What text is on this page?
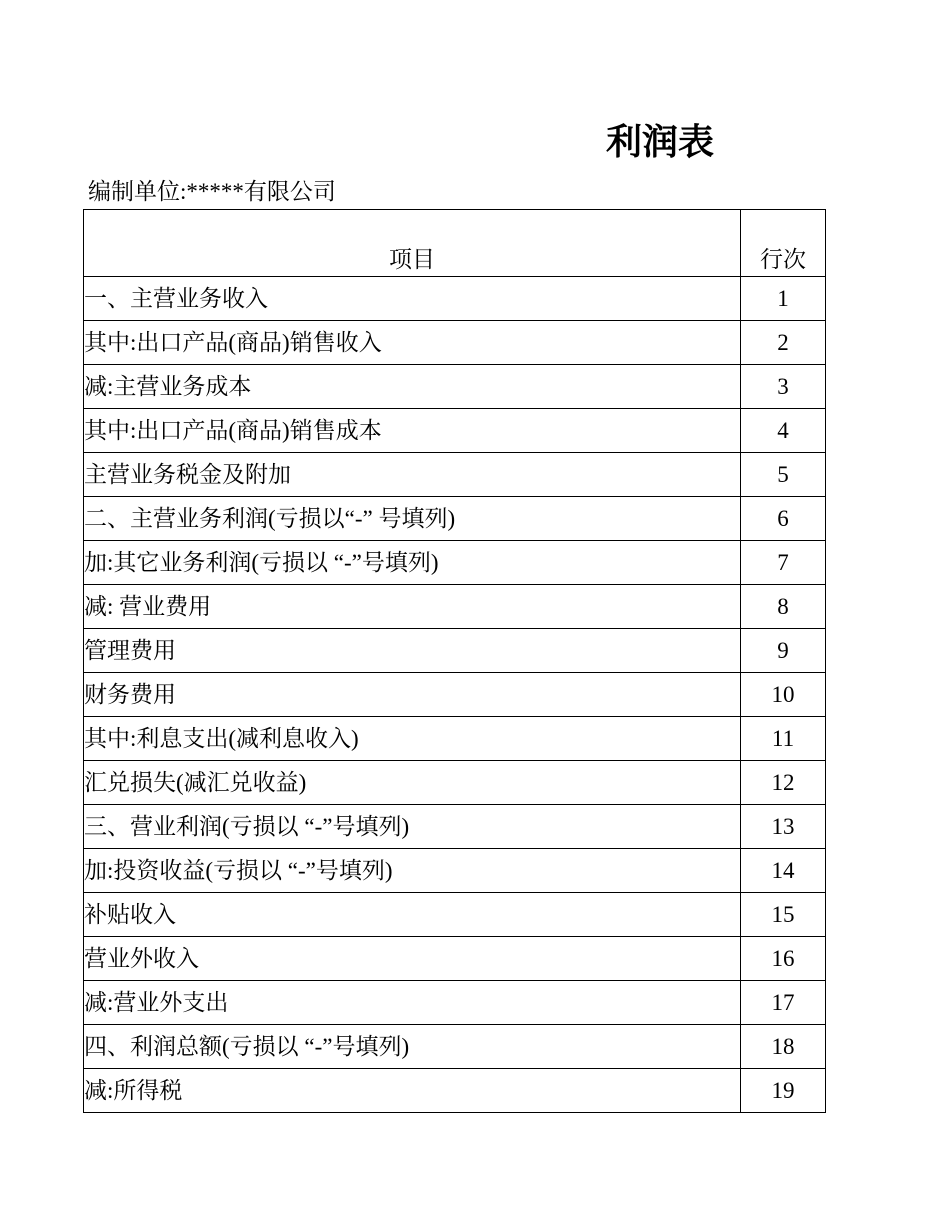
利润表
编制单位:*****有限公司
项目	行次
一、主营业务收入	1
其中:出口产品(商品)销售收入	2
减:主营业务成本	3
其中:出口产品(商品)销售成本	4
主营业务税金及附加	5
二、主营业务利润(亏损以“-” 号填列)	6
加:其它业务利润(亏损以 “-”号填列)	7
减: 营业费用	8
管理费用	9
财务费用	10
其中:利息支出(减利息收入)	11
汇兑损失(减汇兑收益)	12
三、营业利润(亏损以 “-”号填列)	13
加:投资收益(亏损以 “-”号填列)	14
补贴收入	15
营业外收入	16
减:营业外支出	17
四、利润总额(亏损以 “-”号填列)	18
减:所得税	19
